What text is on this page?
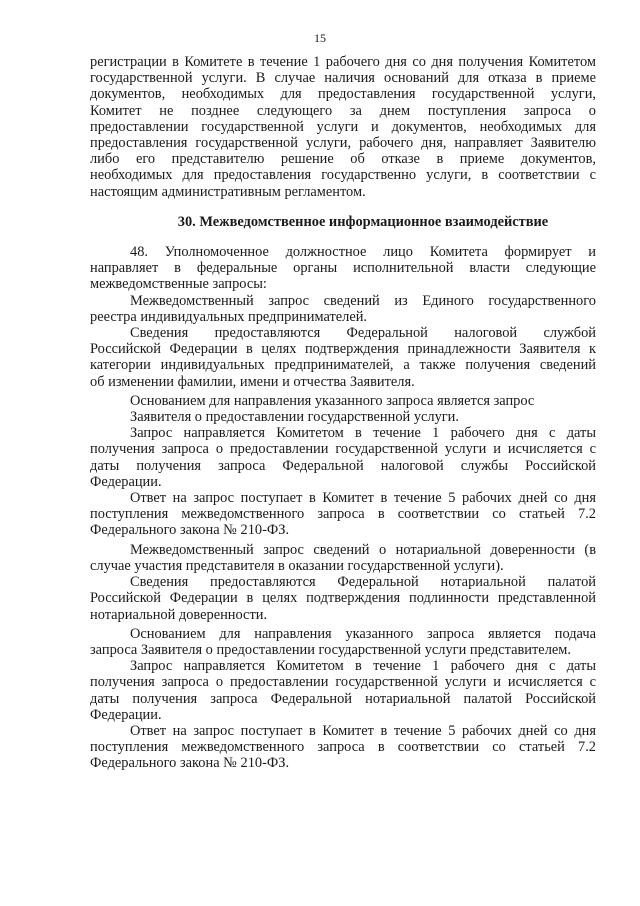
15

регистрации в Комитете в течение 1 рабочего дня со дня получения Комитетом

государственной услуги. В случае наличия оснований для отказа в приеме

документов, необходимых для предоставления государственной услуги,

Комитет не позднее следующего за днем поступления запроса о

предоставлении государственной услуги и документов, необходимых для

предоставления государственной услуги, рабочего дня, направляет Заявителю

либо его представителю решение об отказе в приеме документов,

необходимых для предоставления государственно услуги, в соответствии с

настоящим административным регламентом.

30. Межведомственное информационное взаимодействие

48. Уполномоченное должностное лицо Комитета формирует и

направляет в федеральные органы исполнительной власти следующие

межведомственные запросы:

Межведомственный запрос сведений из Единого государственного

реестра индивидуальных предпринимателей.

Сведения предоставляются Федеральной налоговой службой

Российской Федерации в целях подтверждения принадлежности Заявителя к

категории индивидуальных предпринимателей, а также получения сведений

об изменении фамилии, имени и отчества Заявителя.

Основанием для направления указанного запроса является запрос

Заявителя о предоставлении государственной услуги.

Запрос направляется Комитетом в течение 1 рабочего дня с даты

получения запроса о предоставлении государственной услуги и исчисляется с

даты получения запроса Федеральной налоговой службы Российской

Федерации.

Ответ на запрос поступает в Комитет в течение 5 рабочих дней со дня

поступления межведомственного запроса в соответствии со статьей 7.2

Федерального закона № 210-ФЗ.

Межведомственный запрос сведений о нотариальной доверенности (в

случае участия представителя в оказании государственной услуги).

Сведения предоставляются Федеральной нотариальной палатой

Российской Федерации в целях подтверждения подлинности представленной

нотариальной доверенности.

Основанием для направления указанного запроса является подача

запроса Заявителя о предоставлении государственной услуги представителем.

Запрос направляется Комитетом в течение 1 рабочего дня с даты

получения запроса о предоставлении государственной услуги и исчисляется с

даты получения запроса Федеральной нотариальной палатой Российской

Федерации.

Ответ на запрос поступает в Комитет в течение 5 рабочих дней со дня

поступления межведомственного запроса в соответствии со статьей 7.2

Федерального закона № 210-ФЗ.
